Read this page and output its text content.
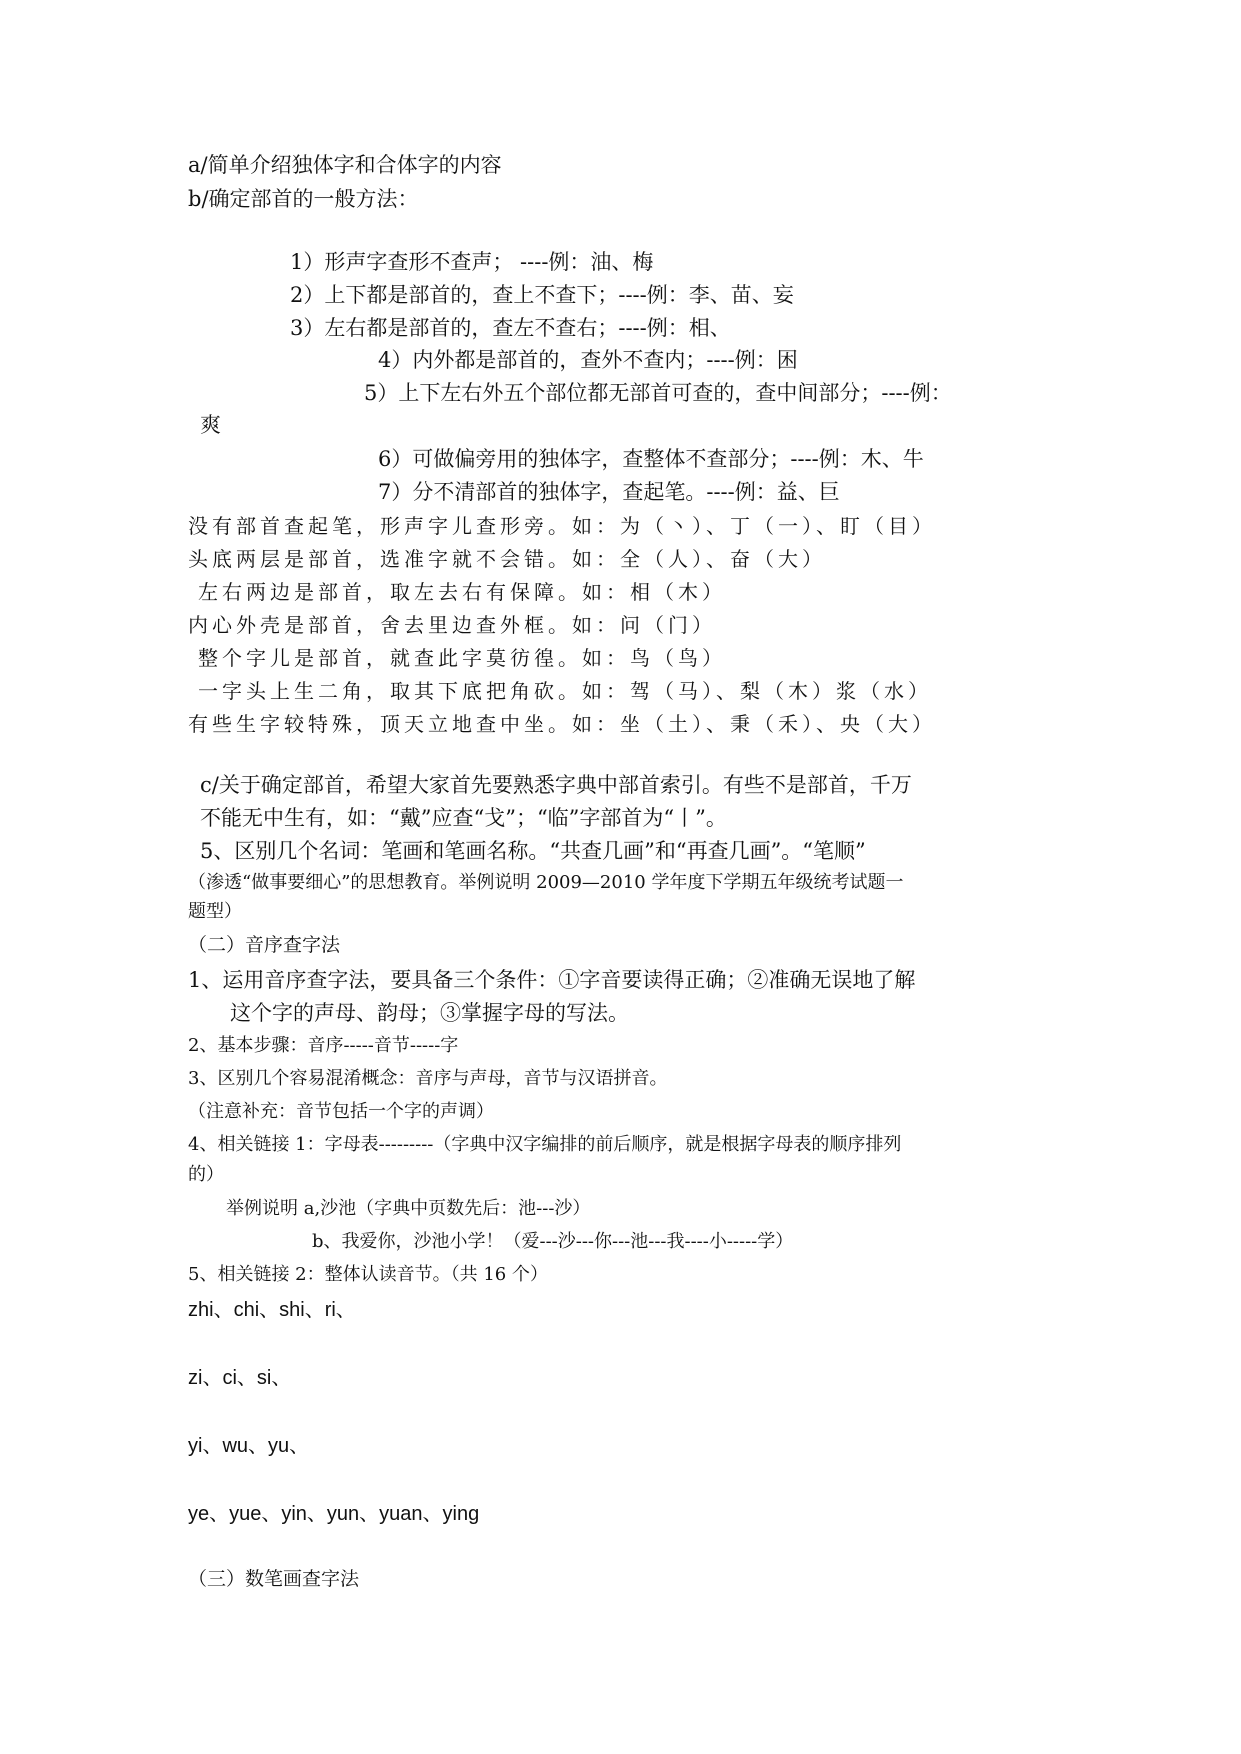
a/简单介绍独体字和合体字的内容
b/确定部首的一般方法：
1）形声字查形不查声； ----例：油、梅
2）上下都是部首的，查上不查下；----例：李、苗、妄
3）左右都是部首的，查左不查右；----例：相、
4）内外都是部首的，查外不查内；----例：困
5）上下左右外五个部位都无部首可查的，查中间部分；----例：
爽
6）可做偏旁用的独体字，查整体不查部分；----例：木、牛
7）分不清部首的独体字，查起笔。----例：益、巨
没有部首查起笔，形声字儿查形旁。如：为（丶）、丁（一）、盯（目）
头底两层是部首，选准字就不会错。如：全（人）、奋（大）
左右两边是部首，取左去右有保障。如：相（木）
内心外壳是部首，舍去里边查外框。如：问（门）
整个字儿是部首，就查此字莫彷徨。如：鸟（鸟）
一字头上生二角，取其下底把角砍。如：驾（马）、梨（木）浆（水）
有些生字较特殊，顶天立地查中坐。如：坐（土）、秉（禾）、央（大）
c/关于确定部首，希望大家首先要熟悉字典中部首索引。有些不是部首，千万
不能无中生有，如：“戴”应查“戈”；“临”字部首为“丨”。
5、区别几个名词：笔画和笔画名称。“共查几画”和“再查几画”。“笔顺”
（渗透“做事要细心”的思想教育。举例说明 2009—2010 学年度下学期五年级统考试题一
题型）
（二）音序查字法
1、运用音序查字法，要具备三个条件：①字音要读得正确；②准确无误地了解
这个字的声母、韵母；③掌握字母的写法。
2、基本步骤：音序-----音节-----字
3、区别几个容易混淆概念：音序与声母，音节与汉语拼音。
（注意补充：音节包括一个字的声调）
4、相关链接 1：字母表---------（字典中汉字编排的前后顺序，就是根据字母表的顺序排列
的）
举例说明 a,沙池（字典中页数先后：池---沙）
b、我爱你，沙池小学！（爱---沙---你---池---我----小-----学）
5、相关链接 2：整体认读音节。（共 16 个）
zhi、chi、shi、ri、
zi、ci、si、
yi、wu、yu、
ye、yue、yin、yun、yuan、ying
（三）数笔画查字法
